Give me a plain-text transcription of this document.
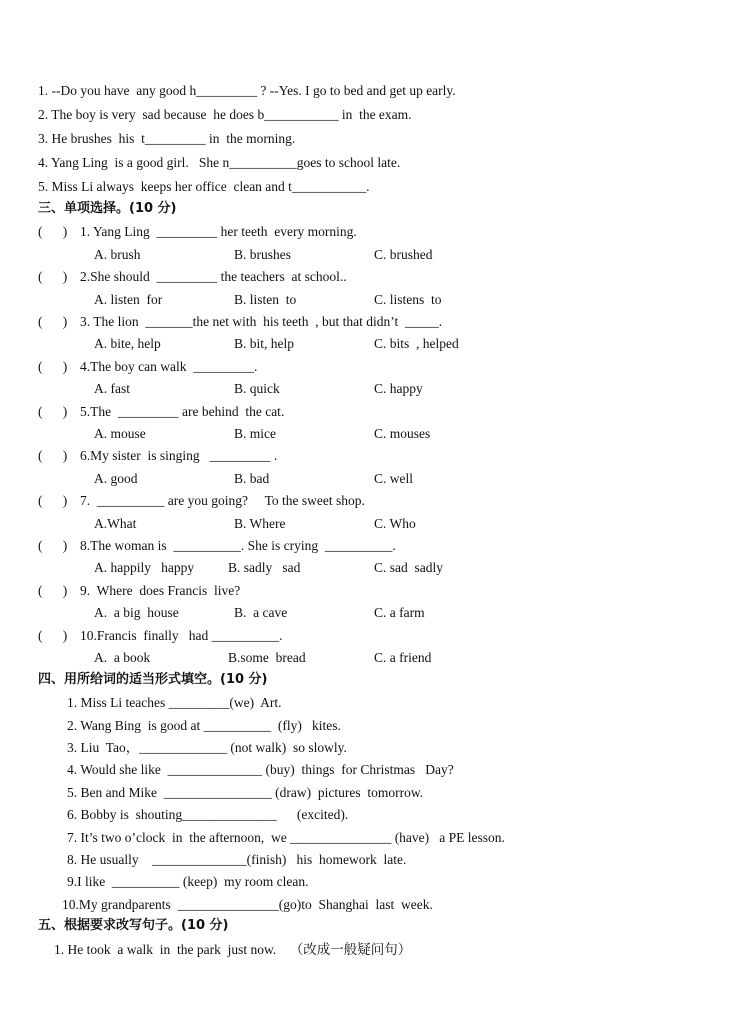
1. --Do you have  any good h_________ ? --Yes. I go to bed and get up early.
2. The boy is very  sad because  he does b___________ in  the exam.
3. He brushes  his  t_________ in  the morning.
4. Yang Ling  is a good girl.   She n__________goes to school late.
5. Miss Li always  keeps her office  clean and t___________.
三、单项选择。(10 分)
(      ) 1. Yang Ling  _________ her teeth  every morning.
A. brush	B. brushes	C. brushed
(      ) 2.She should  _________ the teachers  at school..
A. listen  for	B. listen  to	C. listens  to
(      ) 3. The lion  _______the net with  his teeth  , but that didn’t  _____.
A. bite, help	B. bit, help	C. bits  , helped
(      ) 4.The boy can walk  _________.
A. fast	B. quick	C. happy
(      ) 5.The  _________ are behind  the cat.
A. mouse	B. mice	C. mouses
(      ) 6.My sister  is singing   _________ .
A. good	B. bad	C. well
(      ) 7.  __________ are you going?     To the sweet shop.
A.What	B. Where	C. Who
(      ) 8.The woman is  __________. She is crying  __________.
A. happily   happy	B. sadly   sad	C. sad  sadly
(      ) 9.  Where  does Francis  live?
A.  a big  house	B.  a cave	C. a farm
(      ) 10.Francis  finally   had __________.
A.  a book	B.some  bread	C. a friend
四、用所给词的适当形式填空。(10 分)
1. Miss Li teaches _________(we)  Art.
2. Wang Bing  is good at __________  (fly)   kites.
3. Liu  Tao，_____________ (not walk)  so slowly.
4. Would she like  ______________ (buy)  things  for Christmas   Day?
5. Ben and Mike  ________________ (draw)  pictures  tomorrow.
6. Bobby is  shouting______________      (excited).
7. It’s two o’clock  in  the afternoon,  we _______________ (have)   a PE lesson.
8. He usually    ______________(finish)   his  homework  late.
9.I like  __________ (keep)  my room clean.
10.My grandparents  _______________(go)to  Shanghai  last  week.
五、根据要求改写句子。(10 分)
1. He took  a walk  in  the park  just now.    （改成一般疑问句）
